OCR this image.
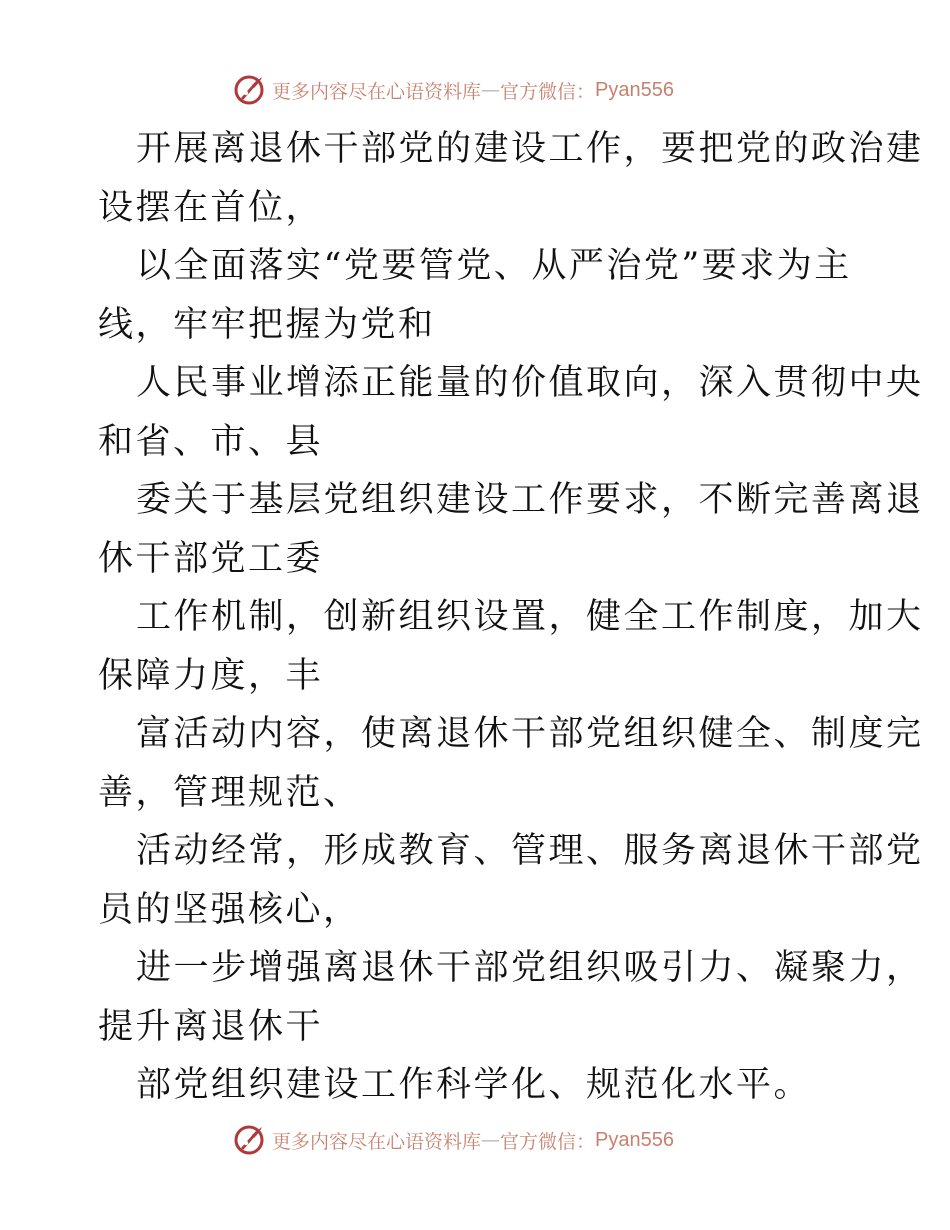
更多内容尽在心语资料库 — 官方微信： Pyan556
开展离退休干部党的建设工作，要把党的政治建
设摆在首位，
以全面落实“党要管党、从严治党”要求为主
线，牢牢把握为党和
人民事业增添正能量的价值取向，深入贯彻中央
和省、市、县
委关于基层党组织建设工作要求，不断完善离退
休干部党工委
工作机制，创新组织设置，健全工作制度，加大
保障力度，丰
富活动内容，使离退休干部党组织健全、制度完
善，管理规范、
活动经常，形成教育、管理、服务离退休干部党
员的坚强核心，
进一步增强离退休干部党组织吸引力、凝聚力，
提升离退休干
部党组织建设工作科学化、规范化水平。
更多内容尽在心语资料库 — 官方微信： Pyan556
